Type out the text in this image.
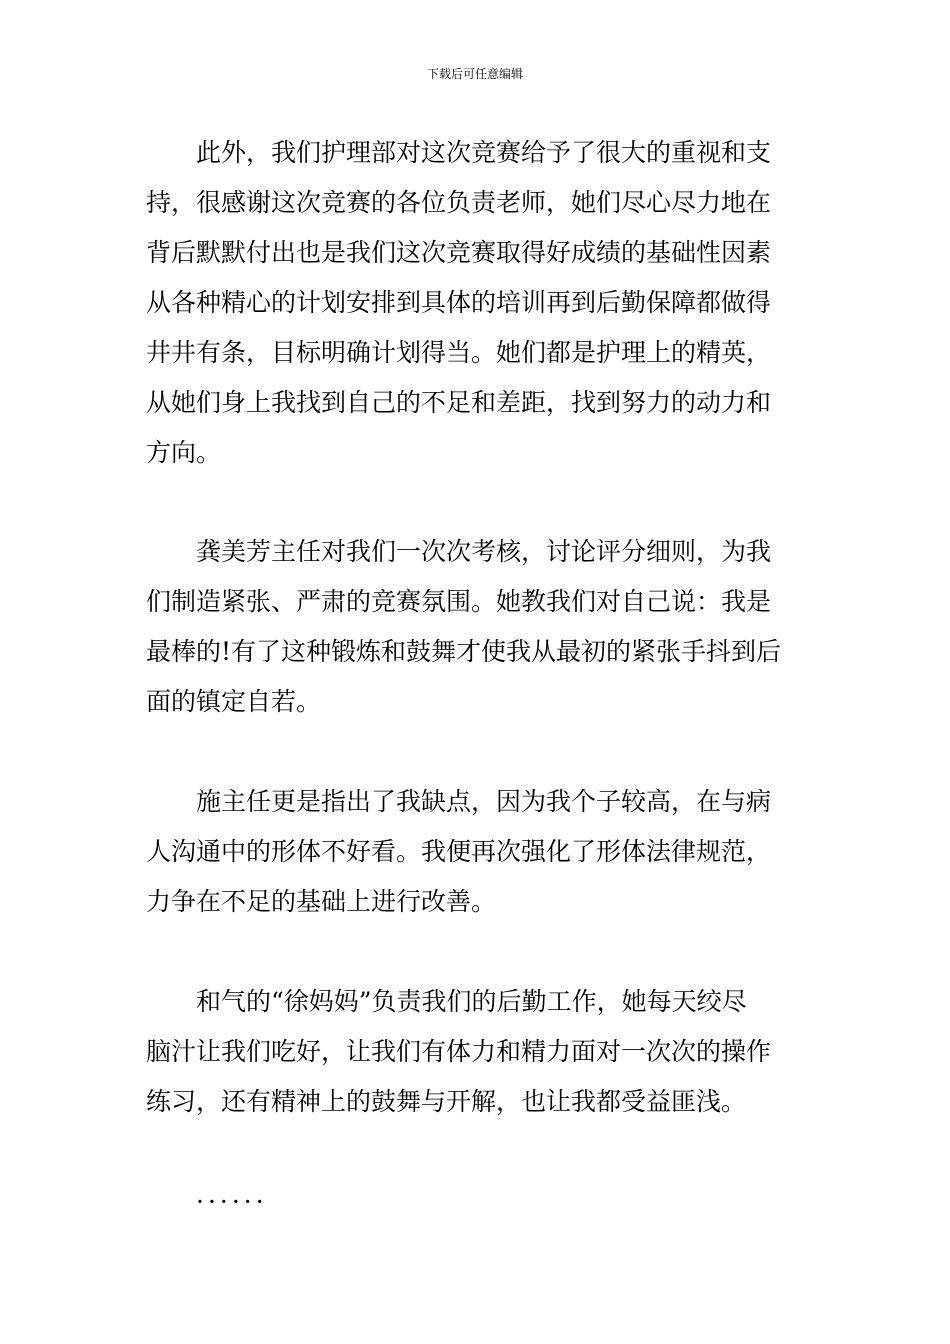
下载后可任意编辑
此外，我们护理部对这次竞赛给予了很大的重视和支
持，很感谢这次竞赛的各位负责老师，她们尽心尽力地在
背后默默付出也是我们这次竞赛取得好成绩的基础性因素
从各种精心的计划安排到具体的培训再到后勤保障都做得
井井有条，目标明确计划得当。她们都是护理上的精英，
从她们身上我找到自己的不足和差距，找到努力的动力和
方向。
龚美芳主任对我们一次次考核，讨论评分细则，为我
们制造紧张、严肃的竞赛氛围。她教我们对自己说：我是
最棒的!有了这种锻炼和鼓舞才使我从最初的紧张手抖到后
面的镇定自若。
施主任更是指出了我缺点，因为我个子较高，在与病
人沟通中的形体不好看。我便再次强化了形体法律规范，
力争在不足的基础上进行改善。
和气的“徐妈妈”负责我们的后勤工作，她每天绞尽
脑汁让我们吃好，让我们有体力和精力面对一次次的操作
练习，还有精神上的鼓舞与开解，也让我都受益匪浅。
······
